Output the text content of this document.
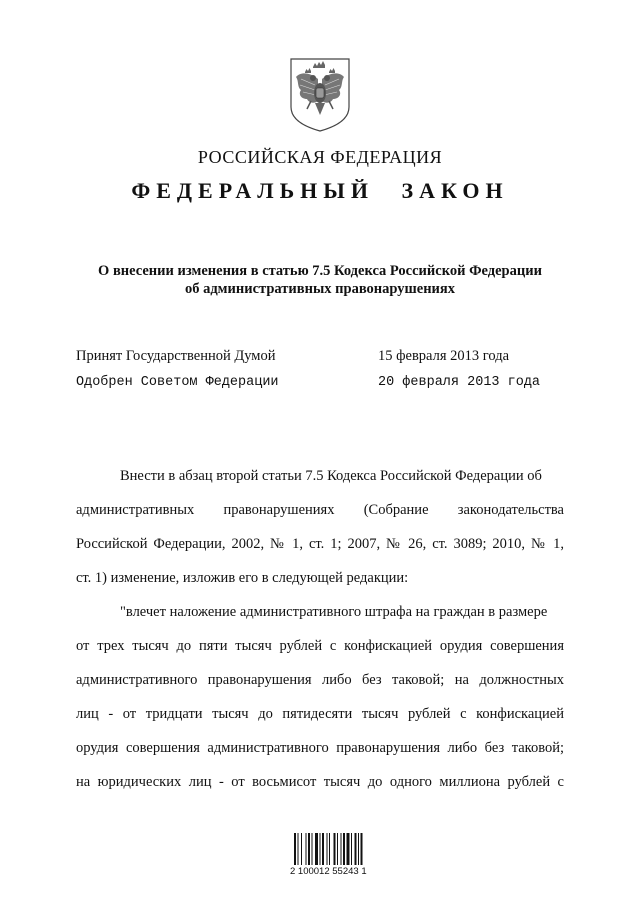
РОССИЙСКАЯ ФЕДЕРАЦИЯ
ФЕДЕРАЛЬНЫЙ ЗАКОН
О внесении изменения в статью 7.5 Кодекса Российской Федерации
об административных правонарушениях
Принят Государственной Думой	15 февраля 2013 года
Одобрен Советом Федерации	20 февраля 2013 года
Внести в абзац второй статьи 7.5 Кодекса Российской Федерации об
административных правонарушениях (Собрание законодательства
Российской Федерации, 2002, № 1, ст. 1; 2007, № 26, ст. 3089; 2010, № 1,
ст. 1) изменение, изложив его в следующей редакции:
"влечет наложение административного штрафа на граждан в размере
от трех тысяч до пяти тысяч рублей с конфискацией орудия совершения
административного правонарушения либо без таковой; на должностных
лиц - от тридцати тысяч до пятидесяти тысяч рублей с конфискацией
орудия совершения административного правонарушения либо без таковой;
на юридических лиц - от восьмисот тысяч до одного миллиона рублей с
2 100012 55243 1
